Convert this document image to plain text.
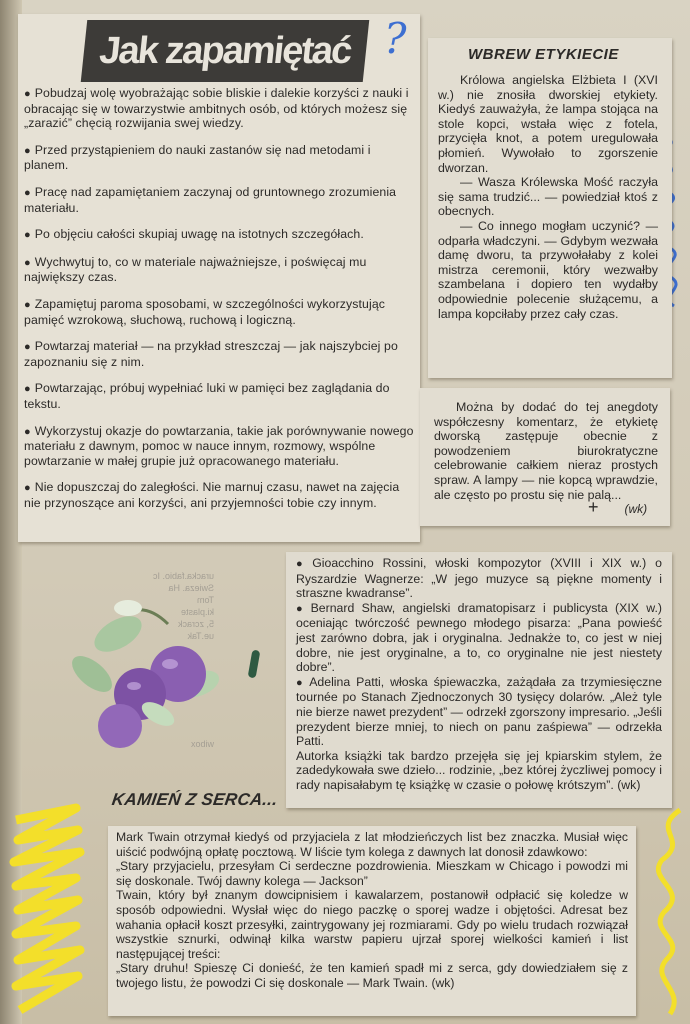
Jak zapamiętać

● Pobudzaj wolę wyobrażając sobie bliskie i dalekie korzyści z nauki i obracając się w towarzystwie ambitnych osób, od których możesz się „zarazić” chęcią rozwijania swej wiedzy.

● Przed przystąpieniem do nauki zastanów się nad metodami i planem.

● Pracę nad zapamiętaniem zaczynaj od gruntownego zrozumienia materiału.

● Po objęciu całości skupiaj uwagę na istotnych szczegółach.

● Wychwytuj to, co w materiale najważniejsze, i poświęcaj mu największy czas.

● Zapamiętuj paroma sposobami, w szczególności wykorzystując pamięć wzrokową, słuchową, ruchową i logiczną.

● Powtarzaj materiał — na przykład streszczaj — jak najszybciej po zapoznaniu się z nim.

● Powtarzając, próbuj wypełniać luki w pamięci bez zaglądania do tekstu.

● Wykorzystuj okazje do powtarzania, takie jak porównywanie nowego materiału z dawnym, pomoc w nauce innym, rozmowy, wspólne powtarzanie w małej grupie już opracowanego materiału.

● Nie dopuszczaj do zaległości. Nie marnuj czasu, nawet na zajęcia nie przynoszące ani korzyści, ani przyjemności tobie czy innym.

?	WBREW ETYKIECIE

Królowa angielska Elżbieta I (XVI w.) nie znosiła dworskiej etykiety. Kiedyś zauważyła, że lampa stojąca na stole kopci, wstała więc z fotela, przycięła knot, a potem uregulowała płomień. Wywołało to zgorszenie dworzan.

— Wasza Królewska Mość raczyła się sama trudzić... — powiedział ktoś z obecnych.

— Co innego mogłam uczynić? — odparła władczyni. — Gdybym wezwała damę dworu, ta przywołałaby z kolei mistrza ceremonii, który wezwałby szambelana i dopiero ten wydałby odpowiednie polecenie służącemu, a lampa kopciłaby przez cały czas.

Można by dodać do tej anegdoty współczesny komentarz, że etykietę dworską zastępuje obecnie z powodzeniem biurokratyczne celebrowanie całkiem nieraz prostych spraw. A lampy — nie kopcą wprawdzie, ale często po prostu się nie palą...
+ (wk)
uracka.fabio. Ic
Swieza. Ha
Tom
ki.plaste
5, zcrack
ue.Tak
wibox

● Gioacchino Rossini, włoski kompozytor (XVIII i XIX w.) o Ryszardzie Wagnerze: „W jego muzyce są piękne momenty i straszne kwadranse”.

● Bernard Shaw, angielski dramatopisarz i publicysta (XIX w.) oceniając twórczość pewnego młodego pisarza: „Pana powieść jest zarówno dobra, jak i oryginalna. Jednakże to, co jest w niej dobre, nie jest oryginalne, a to, co oryginalne nie jest niestety dobre”.

● Adelina Patti, włoska śpiewaczka, zażądała za trzymiesięczne tournée po Stanach Zjednoczonych 30 tysięcy dolarów. „Ależ tyle nie bierze nawet prezydent” — odrzekł zgorszony impresario. „Jeśli prezydent bierze mniej, to niech on panu zaśpiewa” — odrzekła Patti.

Autorka książki tak bardzo przejęła się jej kpiarskim stylem, że zadedykowała swe dzieło... rodzinie, „bez której życzliwej pomocy i rady napisałabym tę książkę w czasie o połowę krótszym”. (wk)

KAMIEŃ Z SERCA...

Mark Twain otrzymał kiedyś od przyjaciela z lat młodzieńczych list bez znaczka. Musiał więc uiścić podwójną opłatę pocztową. W liście tym kolega z dawnych lat donosił zdawkowo:

„Stary przyjacielu, przesyłam Ci serdeczne pozdrowienia. Mieszkam w Chicago i powodzi mi się doskonale. Twój dawny kolega — Jackson”

Twain, który był znanym dowcipnisiem i kawalarzem, postanowił odpłacić się koledze w sposób odpowiedni. Wysłał więc do niego paczkę o sporej wadze i objętości. Adresat bez wahania opłacił koszt przesyłki, zaintrygowany jej rozmiarami. Gdy po wielu trudach rozwiązał wszystkie sznurki, odwinął kilka warstw papieru ujrzał sporej wielkości kamień i list następującej treści:

„Stary druhu! Spieszę Ci donieść, że ten kamień spadł mi z serca, gdy dowiedziałem się z twojego listu, że powodzi Ci się doskonale — Mark Twain. (wk)
